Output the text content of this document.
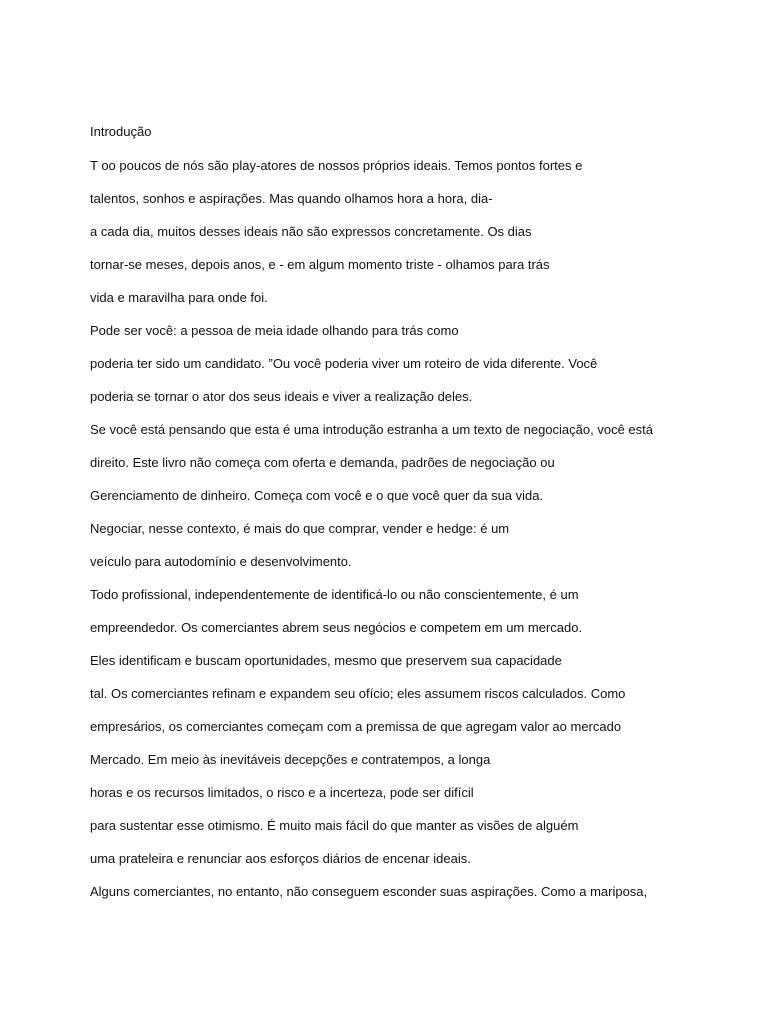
Introdução

T oo poucos de nós são play-atores de nossos próprios ideais. Temos pontos fortes e

talentos, sonhos e aspirações. Mas quando olhamos hora a hora, dia-

a cada dia, muitos desses ideais não são expressos concretamente. Os dias

tornar-se meses, depois anos, e - em algum momento triste - olhamos para trás

vida e maravilha para onde foi.

Pode ser você: a pessoa de meia idade olhando para trás como

poderia ter sido um candidato. ”Ou você poderia viver um roteiro de vida diferente. Você

poderia se tornar o ator dos seus ideais e viver a realização deles.

Se você está pensando que esta é uma introdução estranha a um texto de negociação, você está

direito. Este livro não começa com oferta e demanda, padrões de negociação ou

Gerenciamento de dinheiro. Começa com você e o que você quer da sua vida.

Negociar, nesse contexto, é mais do que comprar, vender e hedge: é um

veículo para autodomínio e desenvolvimento.

Todo profissional, independentemente de identificá-lo ou não conscientemente, é um

empreendedor. Os comerciantes abrem seus negócios e competem em um mercado.

Eles identificam e buscam oportunidades, mesmo que preservem sua capacidade

tal. Os comerciantes refinam e expandem seu ofício; eles assumem riscos calculados. Como

empresários, os comerciantes começam com a premissa de que agregam valor ao mercado

Mercado. Em meio às inevitáveis decepções e contratempos, a longa

horas e os recursos limitados, o risco e a incerteza, pode ser difícil

para sustentar esse otimismo. É muito mais fácil do que manter as visões de alguém

uma prateleira e renunciar aos esforços diários de encenar ideais.

Alguns comerciantes, no entanto, não conseguem esconder suas aspirações. Como a mariposa,
